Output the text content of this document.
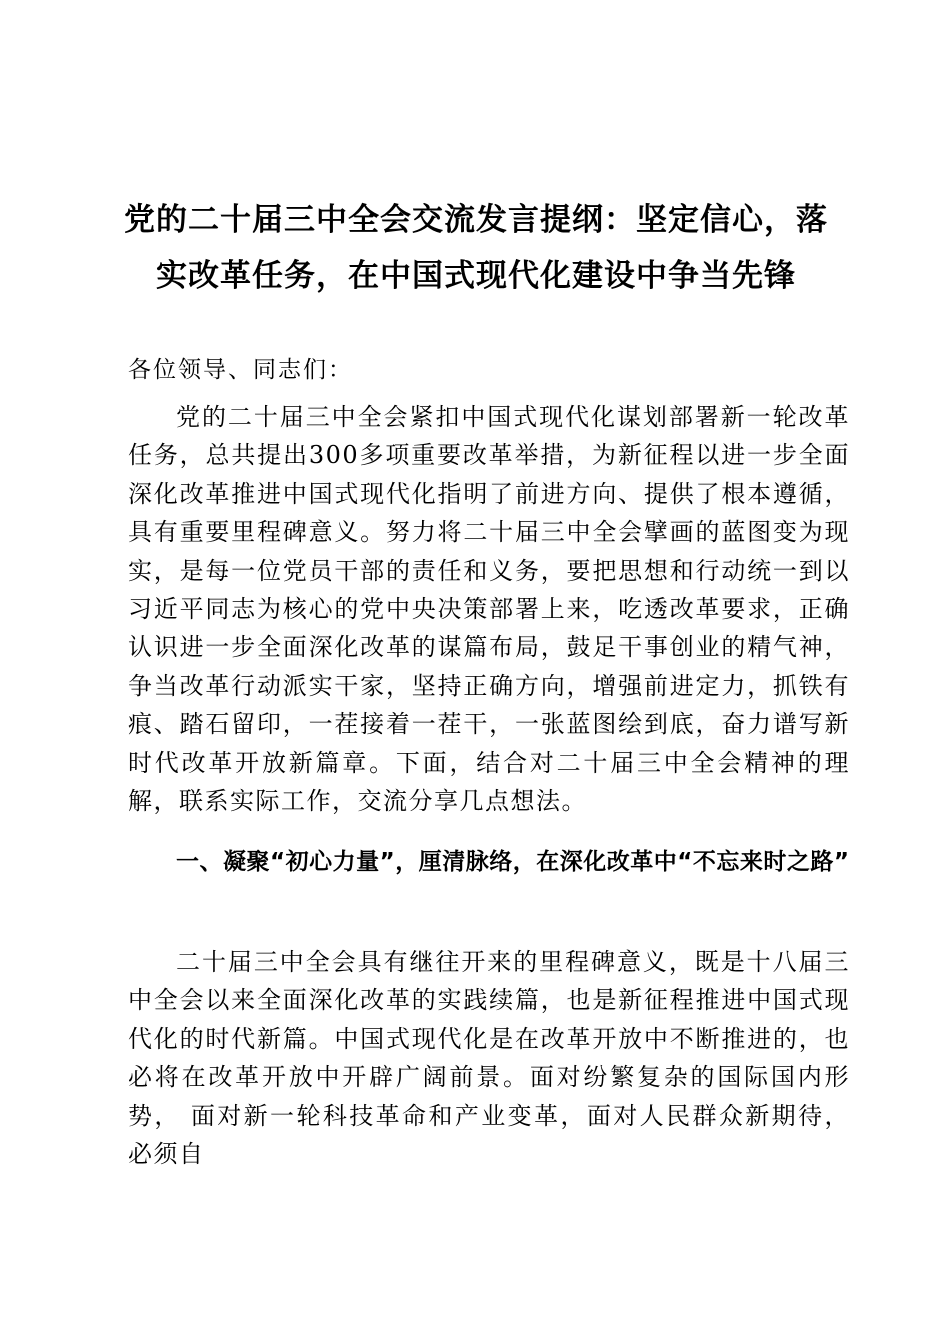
党的二十届三中全会交流发言提纲：坚定信心，落实改革任务，在中国式现代化建设中争当先锋

各位领导、同志们：

党的二十届三中全会紧扣中国式现代化谋划部署新一轮改革任务，总共提出300多项重要改革举措，为新征程以进一步全面深化改革推进中国式现代化指明了前进方向、提供了根本遵循，具有重要里程碑意义。努力将二十届三中全会擘画的蓝图变为现实，是每一位党员干部的责任和义务，要把思想和行动统一到以习近平同志为核心的党中央决策部署上来，吃透改革要求，正确认识进一步全面深化改革的谋篇布局，鼓足干事创业的精气神，争当改革行动派实干家，坚持正确方向，增强前进定力，抓铁有痕、踏石留印，一茬接着一茬干，一张蓝图绘到底，奋力谱写新时代改革开放新篇章。下面，结合对二十届三中全会精神的理解，联系实际工作，交流分享几点想法。

一、凝聚“初心力量”，厘清脉络，在深化改革中“不忘来时之路”

二十届三中全会具有继往开来的里程碑意义，既是十八届三中全会以来全面深化改革的实践续篇，也是新征程推进中国式现代化的时代新篇。中国式现代化是在改革开放中不断推进的，也必将在改革开放中开辟广阔前景。面对纷繁复杂的国际国内形势， 面对新一轮科技革命和产业变革，面对人民群众新期待，必须自
